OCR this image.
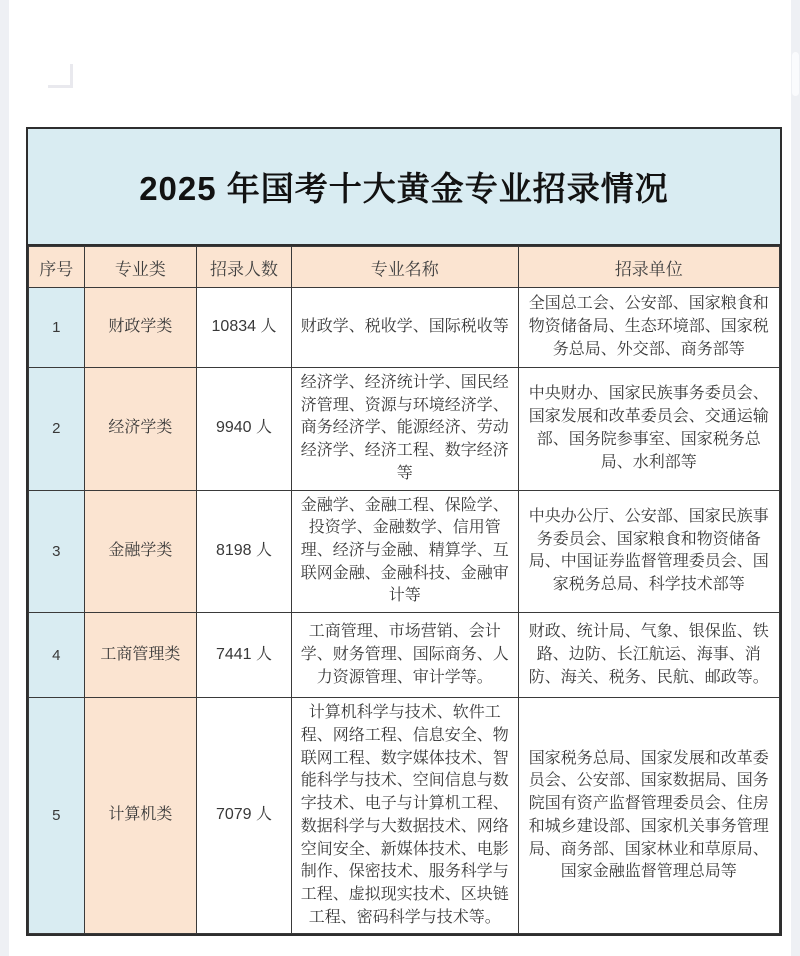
2025 年国考十大黄金专业招录情况
序号	专业类	招录人数	专业名称	招录单位
1	财政学类	10834 人	财政学、税收学、国际税收等	全国总工会、公安部、国家粮食和物资储备局、生态环境部、国家税务总局、外交部、商务部等
2	经济学类	9940 人	经济学、经济统计学、国民经济管理、资源与环境经济学、商务经济学、能源经济、劳动经济学、经济工程、数字经济等	中央财办、国家民族事务委员会、国家发展和改革委员会、交通运输部、国务院参事室、国家税务总局、水利部等
3	金融学类	8198 人	金融学、金融工程、保险学、投资学、金融数学、信用管理、经济与金融、精算学、互联网金融、金融科技、金融审计等	中央办公厅、公安部、国家民族事务委员会、国家粮食和物资储备局、中国证券监督管理委员会、国家税务总局、科学技术部等
4	工商管理类	7441 人	工商管理、市场营销、会计学、财务管理、国际商务、人力资源管理、审计学等。	财政、统计局、气象、银保监、铁路、边防、长江航运、海事、消防、海关、税务、民航、邮政等。
5	计算机类	7079 人	计算机科学与技术、软件工程、网络工程、信息安全、物联网工程、数字媒体技术、智能科学与技术、空间信息与数字技术、电子与计算机工程、数据科学与大数据技术、网络空间安全、新媒体技术、电影制作、保密技术、服务科学与工程、虚拟现实技术、区块链工程、密码科学与技术等。	国家税务总局、国家发展和改革委员会、公安部、国家数据局、国务院国有资产监督管理委员会、住房和城乡建设部、国家机关事务管理局、商务部、国家林业和草原局、国家金融监督管理总局等
